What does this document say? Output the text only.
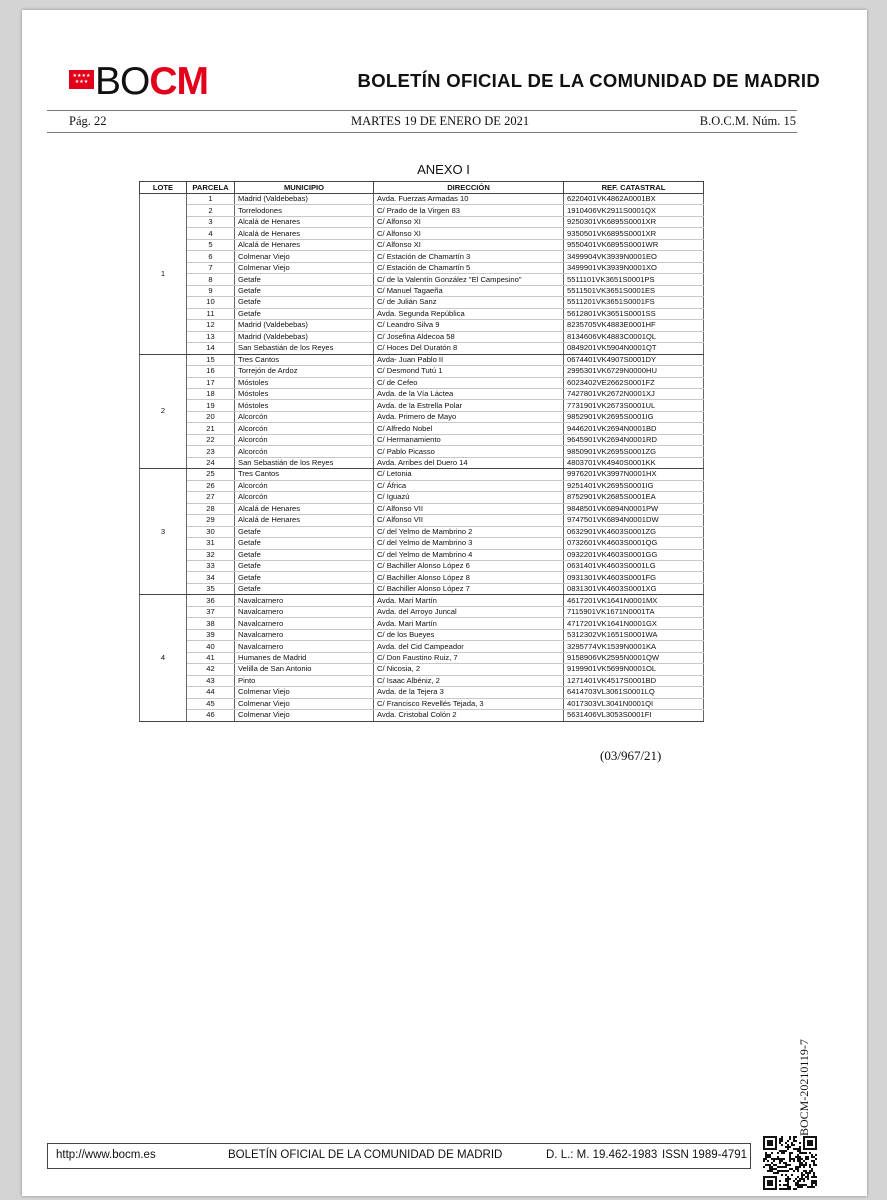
★★★★
★★★ BOCM	BOLETÍN OFICIAL DE LA COMUNIDAD DE MADRID
Pág. 22	MARTES 19 DE ENERO DE 2021	B.O.C.M. Núm. 15
ANEXO I
LOTE	PARCELA	MUNICIPIO	DIRECCIÓN	REF. CATASTRAL
1	1	Madrid (Valdebebas)	Avda. Fuerzas Armadas 10	6220401VK4862A0001BX
	2	Torrelodones	C/ Prado de la Virgen 83	1910406VK2911S0001QX
	3	Alcalá de Henares	C/ Alfonso XI	9250301VK6895S0001XR
	4	Alcalá de Henares	C/ Alfonso XI	9350501VK6895S0001XR
	5	Alcalá de Henares	C/ Alfonso XI	9550401VK6895S0001WR
	6	Colmenar Viejo	C/ Estación de Chamartín 3	3499904VK3939N0001EO
	7	Colmenar Viejo	C/ Estación de Chamartín 5	3499901VK3939N0001XO
	8	Getafe	C/ de la Valentín González "El Campesino"	5511101VK3651S0001PS
	9	Getafe	C/ Manuel Tagaeña	5511501VK3651S0001ES
	10	Getafe	C/ de Julián Sanz	5511201VK3651S0001FS
	11	Getafe	Avda. Segunda República	5612801VK3651S0001SS
	12	Madrid (Valdebebas)	C/ Leandro Silva 9	8235705VK4883E0001HF
	13	Madrid (Valdebebas)	C/ Josefina Aldecoa 58	8134606VK4883C0001QL
	14	San Sebastián de los Reyes	C/ Hoces Del Duratón 8	0849201VK5904N0001QT
2	15	Tres Cantos	Avda- Juan Pablo II	0674401VK4907S0001DY
	16	Torrejón de Ardoz	C/ Desmond Tutú 1	2995301VK6729N0000HU
	17	Móstoles	C/ de Cefeo	6023402VE2662S0001FZ
	18	Móstoles	Avda. de la Vía Láctea	7427801VK2672N0001XJ
	19	Móstoles	Avda. de la Estrella Polar	7731901VK2673S0001UL
	20	Alcorcón	Avda. Primero de Mayo	9852901VK2695S0001IG
	21	Alcorcón	C/ Alfredo Nobel	9446201VK2694N0001BD
	22	Alcorcón	C/ Hermanamiento	9645901VK2694N0001RD
	23	Alcorcón	C/ Pablo Picasso	9850901VK2695S0001ZG
	24	San Sebastián de los Reyes	Avda. Arribes del Duero 14	4803701VK4940S0001KK
3	25	Tres Cantos	C/ Letonia	9976201VK3997N0001HX
	26	Alcorcón	C/ África	9251401VK2695S0001IG
	27	Alcorcón	C/ Iguazú	8752901VK2685S0001EA
	28	Alcalá de Henares	C/ Alfonso VII	9848501VK6894N0001PW
	29	Alcalá de Henares	C/ Alfonso VII	9747501VK6894N0001DW
	30	Getafe	C/ del Yelmo de Mambrino 2	0632901VK4603S0001ZG
	31	Getafe	C/ del Yelmo de Mambrino 3	0732601VK4603S0001QG
	32	Getafe	C/ del Yelmo de Mambrino 4	0932201VK4603S0001GG
	33	Getafe	C/ Bachiller Alonso López 6	0631401VK4603S0001LG
	34	Getafe	C/ Bachiller Alonso López 8	0931301VK4603S0001FG
	35	Getafe	C/ Bachiller Alonso López 7	0831301VK4603S0001XG
4	36	Navalcarnero	Avda. Mari Martín	4617201VK1641N0001MX
	37	Navalcarnero	Avda. del Arroyo Juncal	7115901VK1671N0001TA
	38	Navalcarnero	Avda. Mari Martín	4717201VK1641N0001GX
	39	Navalcarnero	C/ de los Bueyes	5312302VK1651S0001WA
	40	Navalcarnero	Avda. del Cid Campeador	3295774VK1539N0001KA
	41	Humanes de Madrid	C/ Don Faustino Ruiz, 7	9158906VK2595N0001QW
	42	Velilla de San Antonio	C/ Nicosia, 2	9199901VK5699N0001OL
	43	Pinto	C/ Isaac Albéniz, 2	1271401VK4517S0001BD
	44	Colmenar Viejo	Avda. de la Tejera 3	6414703VL3061S0001LQ
	45	Colmenar Viejo	C/ Francisco Revellés Tejada, 3	4017303VL3041N0001QI
	46	Colmenar Viejo	Avda. Cristobal Colón 2	5631406VL3053S0001FI
(03/967/21)
BOCM-20210119-7
http://www.bocm.es	BOLETÍN OFICIAL DE LA COMUNIDAD DE MADRID	D. L.: M. 19.462-1983 ISSN 1989-4791
